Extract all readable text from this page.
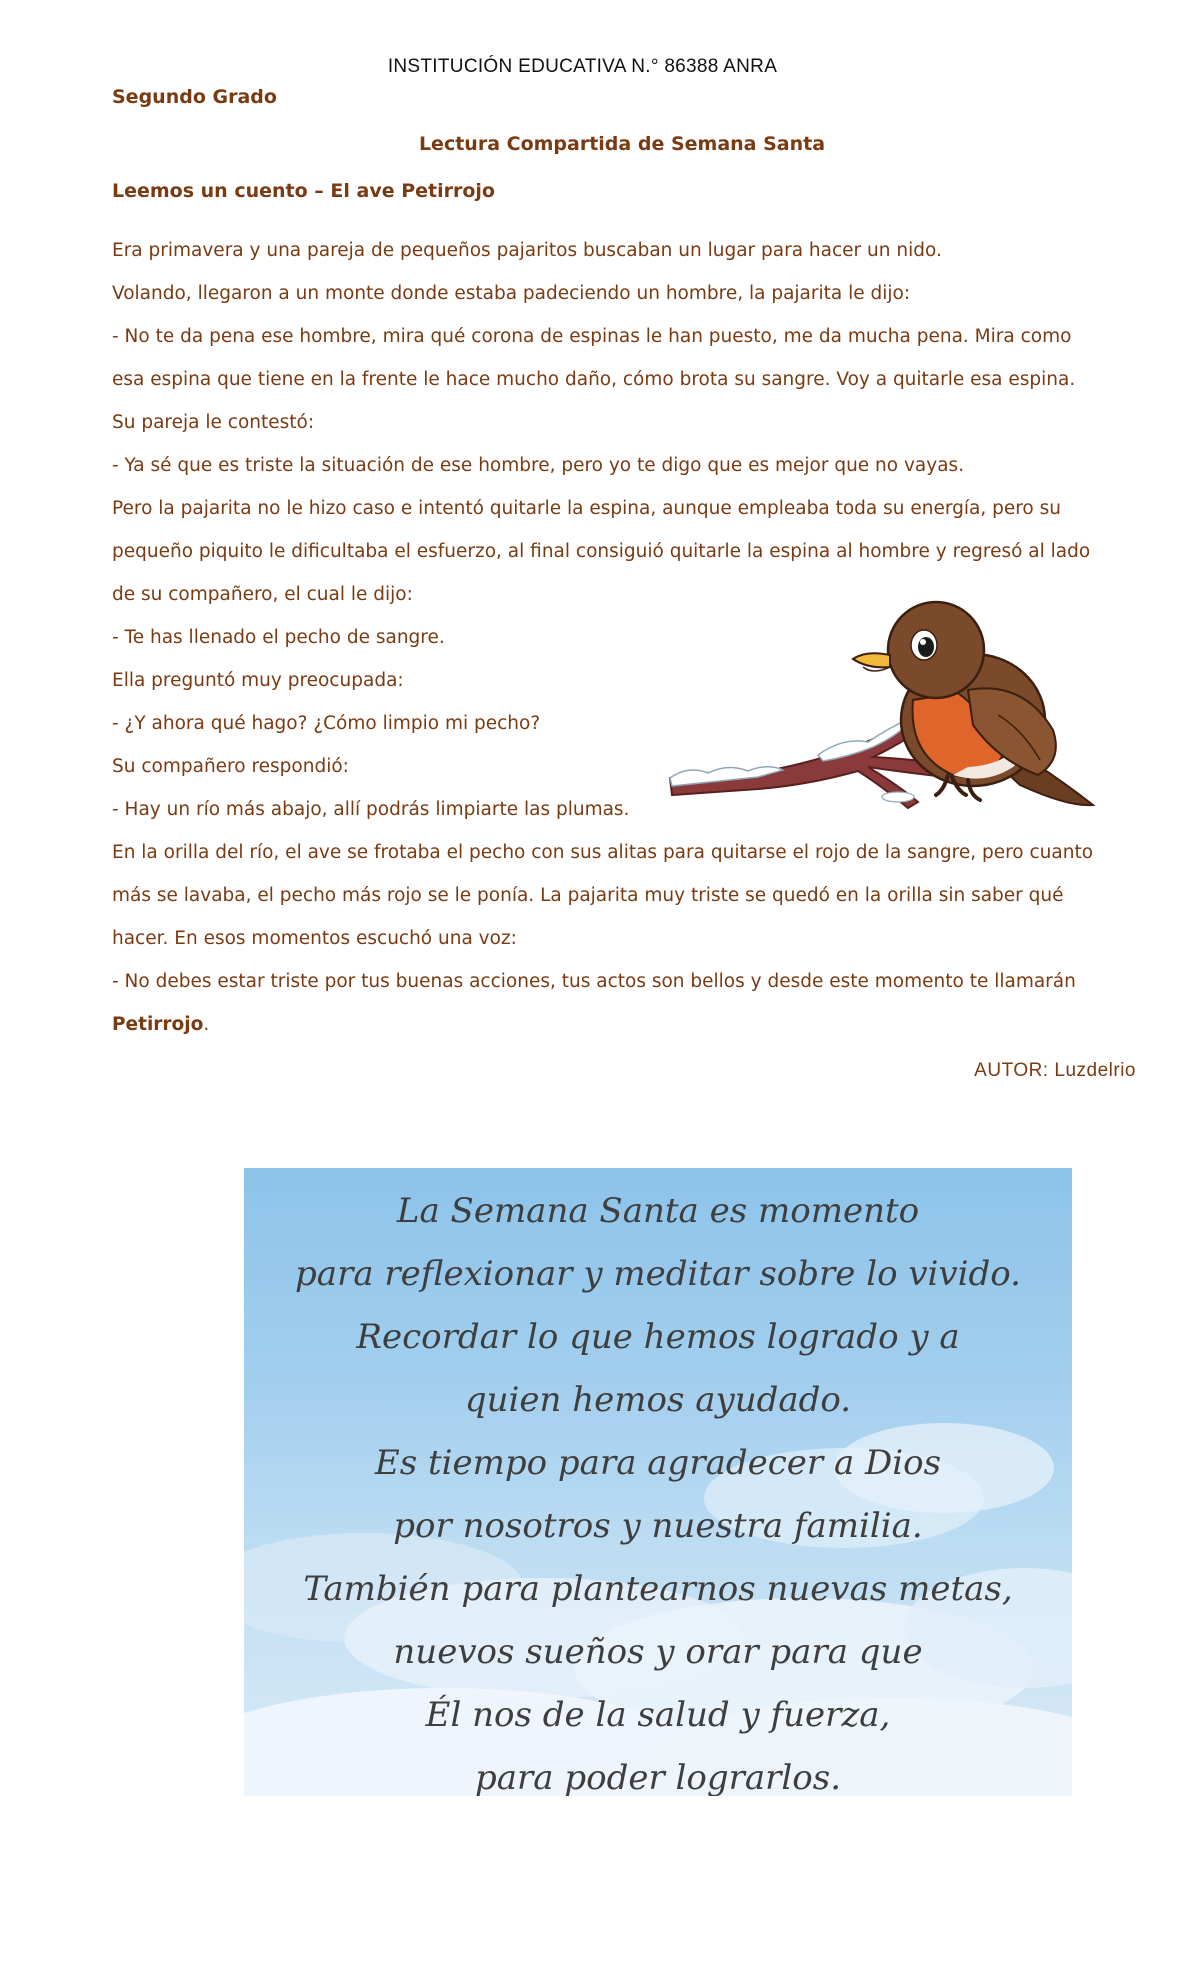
INSTITUCIÓN EDUCATIVA N.° 86388 ANRA
Segundo Grado
Lectura Compartida de Semana Santa
Leemos un cuento – El ave Petirrojo
Era primavera y una pareja de pequeños pajaritos buscaban un lugar para hacer un nido.
Volando, llegaron a un monte donde estaba padeciendo un hombre, la pajarita le dijo:
- No te da pena ese hombre, mira qué corona de espinas le han puesto, me da mucha pena. Mira como
esa espina que tiene en la frente le hace mucho daño, cómo brota su sangre. Voy a quitarle esa espina.
Su pareja le contestó:
- Ya sé que es triste la situación de ese hombre, pero yo te digo que es mejor que no vayas.
Pero la pajarita no le hizo caso e intentó quitarle la espina, aunque empleaba toda su energía, pero su
pequeño piquito le dificultaba el esfuerzo, al final consiguió quitarle la espina al hombre y regresó al lado
de su compañero, el cual le dijo:
- Te has llenado el pecho de sangre.
Ella preguntó muy preocupada:
- ¿Y ahora qué hago? ¿Cómo limpio mi pecho?
Su compañero respondió:
- Hay un río más abajo, allí podrás limpiarte las plumas.
En la orilla del río, el ave se frotaba el pecho con sus alitas para quitarse el rojo de la sangre, pero cuanto
más se lavaba, el pecho más rojo se le ponía. La pajarita muy triste se quedó en la orilla sin saber qué
hacer. En esos momentos escuchó una voz:
- No debes estar triste por tus buenas acciones, tus actos son bellos y desde este momento te llamarán
Petirrojo.
AUTOR: Luzdelrio
La Semana Santa es momento
para reflexionar y meditar sobre lo vivido.
Recordar lo que hemos logrado y a
quien hemos ayudado.
Es tiempo para agradecer a Dios
por nosotros y nuestra familia.
También para plantearnos nuevas metas,
nuevos sueños y orar para que
Él nos de la salud y fuerza,
para poder lograrlos.
